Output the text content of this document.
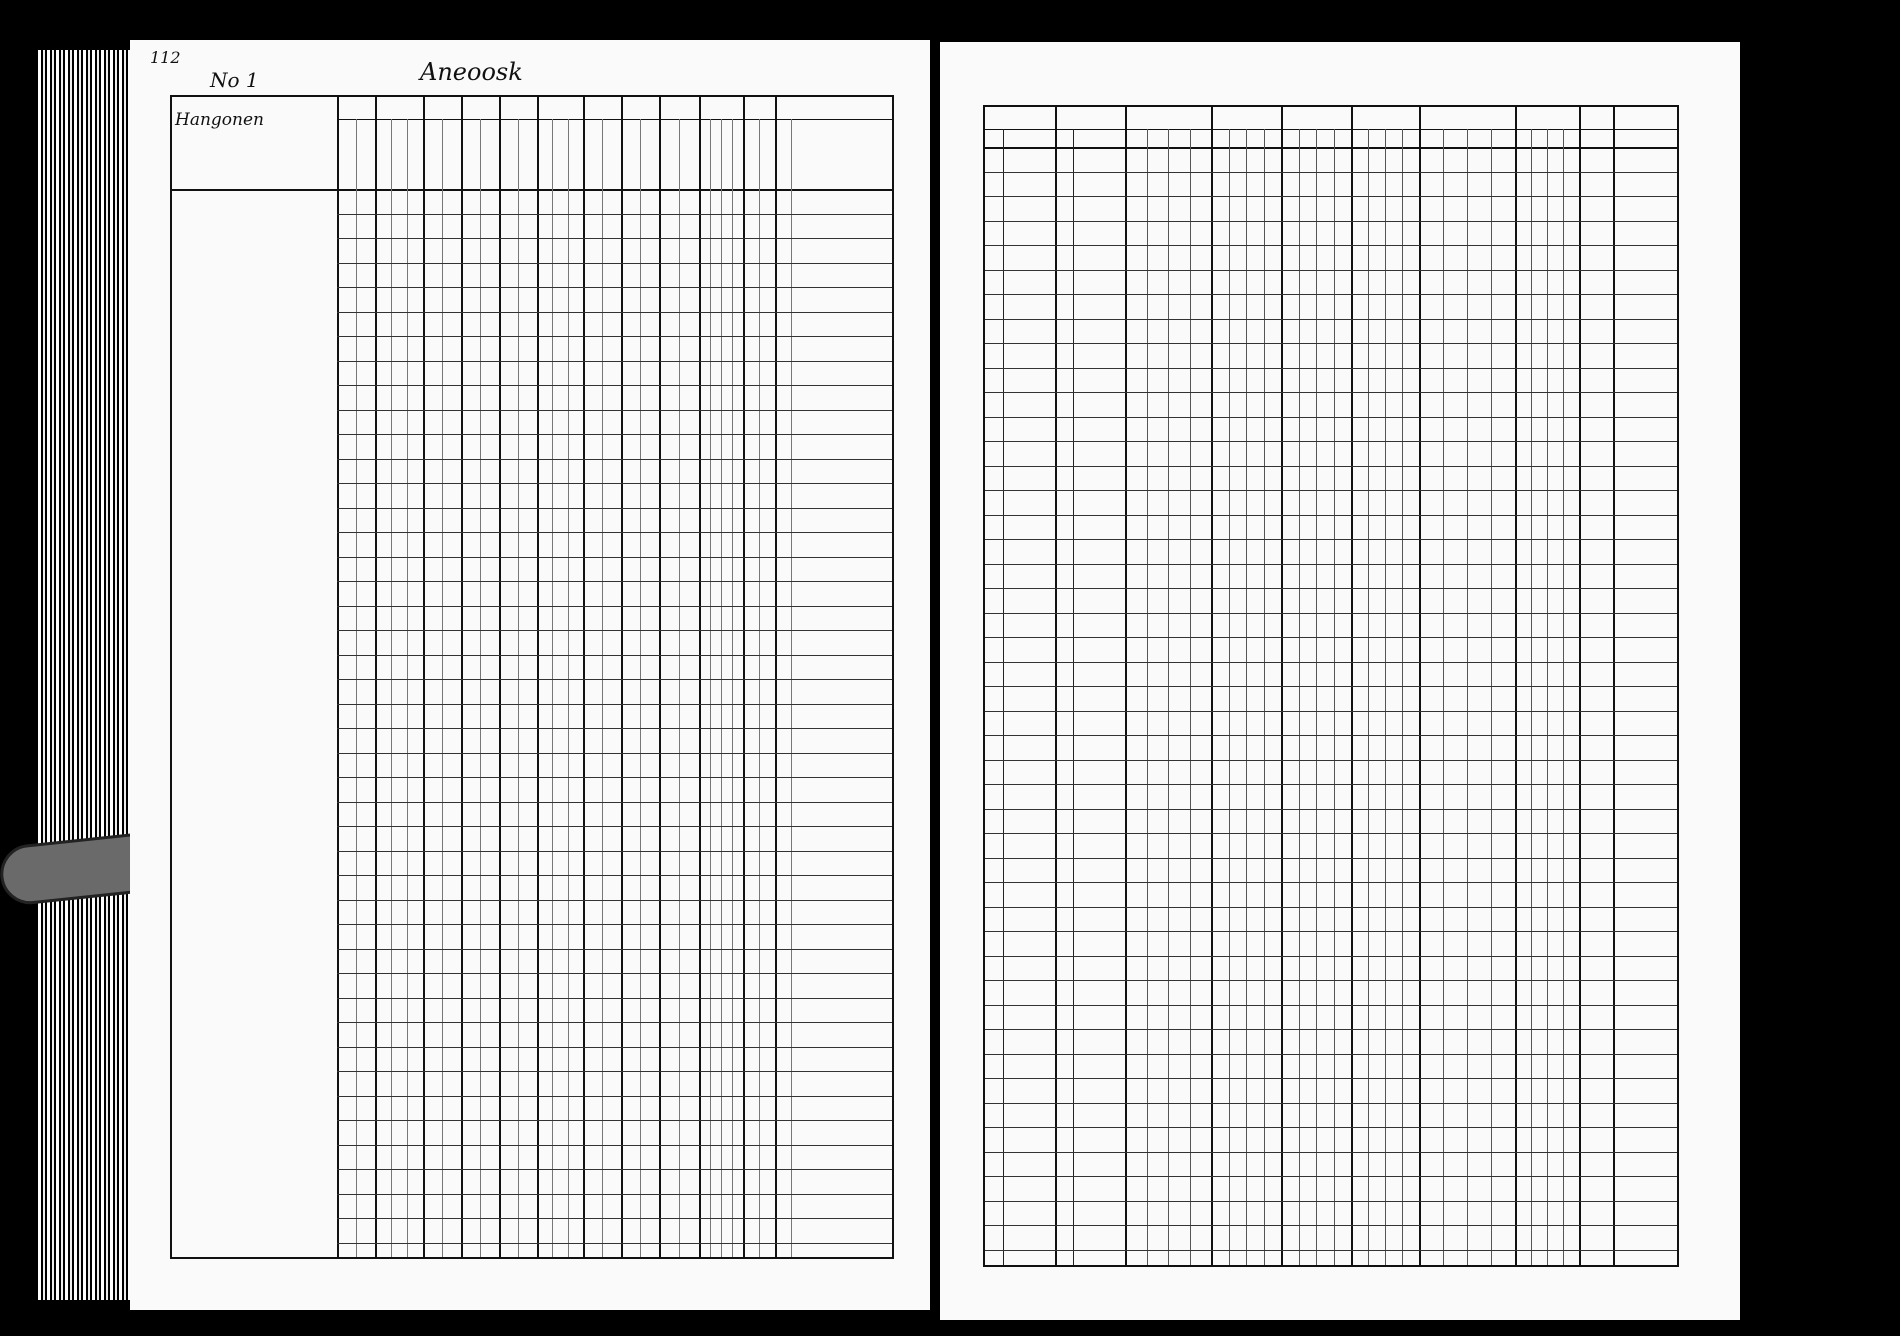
112
No 1	Aneoosk
Hangonen
